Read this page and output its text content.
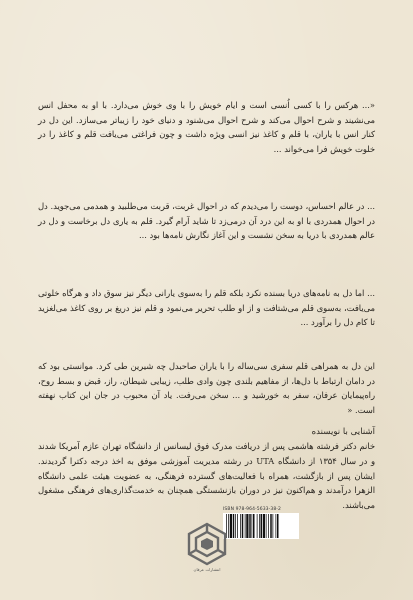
«... هرکس را با کسی اُنسی است و ایام خویش را با وی خوش می‌دارد. با او به محفل انس می‌نشیند و شرح احوال می‌کند و شرح احوال می‌شنود و دنیای خود را زیباتر می‌سازد. این دل در کنار انس با یاران، با قلم و کاغذ نیز انسی ویژه داشت و چون فراغتی می‌یافت قلم و کاغذ را در خلوت خویش فرا می‌خواند ...

... در عالم احساس، دوست را می‌دیدم که در احوال غربت، قربت می‌طلبید و همدمی می‌جوید. دل در احوال همدردی با او به این درد آن درمی‌زد تا شاید آرام گیرد. قلم به یاری دل برخاست و دل در عالم همدردی با دریا به سخن نشست و این آغاز نگارش نامه‌ها بود ...

... اما دل به نامه‌های دریا بسنده نکرد بلکه قلم را به‌سوی یارانی دیگر نیز سوق داد و هرگاه خلوتی می‌یافت، به‌سوی قلم می‌شتافت و از او طلب تحریر می‌نمود و قلم نیز دریغ بر روی کاغذ می‌لغزید تا کام دل را برآورد ...

این دل به همراهی قلم سفری سی‌ساله را با یاران صاحبدل چه شیرین طی کرد. موانستی بود که در دامان ارتباط با دل‌ها، از مفاهیم بلندی چون وادی طلب، زیبایی شیطان، راز، قبض و بسط روح، راه‌پیمایان عرفان، سفر به خورشید و ... سخن می‌رفت. یاد آن محبوب در جان این کتاب نهفته است. «

آشنایی با نویسنده

خانم دکتر فرشته هاشمی پس از دریافت مدرک فوق لیسانس از دانشگاه تهران عازم آمریکا شدند و در سال ۱۳۵۴ از دانشگاه UTA در رشته مدیریت آموزشی موفق به اخذ درجه دکترا گردیدند. ایشان پس از بازگشت، همراه با فعالیت‌های گسترده فرهنگی، به عضویت هیئت علمی دانشگاه الزهرا درآمدند و هم‌اکنون نیز در دوران بازنشستگی همچنان به خدمت‌گذاری‌های فرهنگی مشغول می‌باشند.

ISBN 978-964-5633-38-2
انتشارات عرفان
